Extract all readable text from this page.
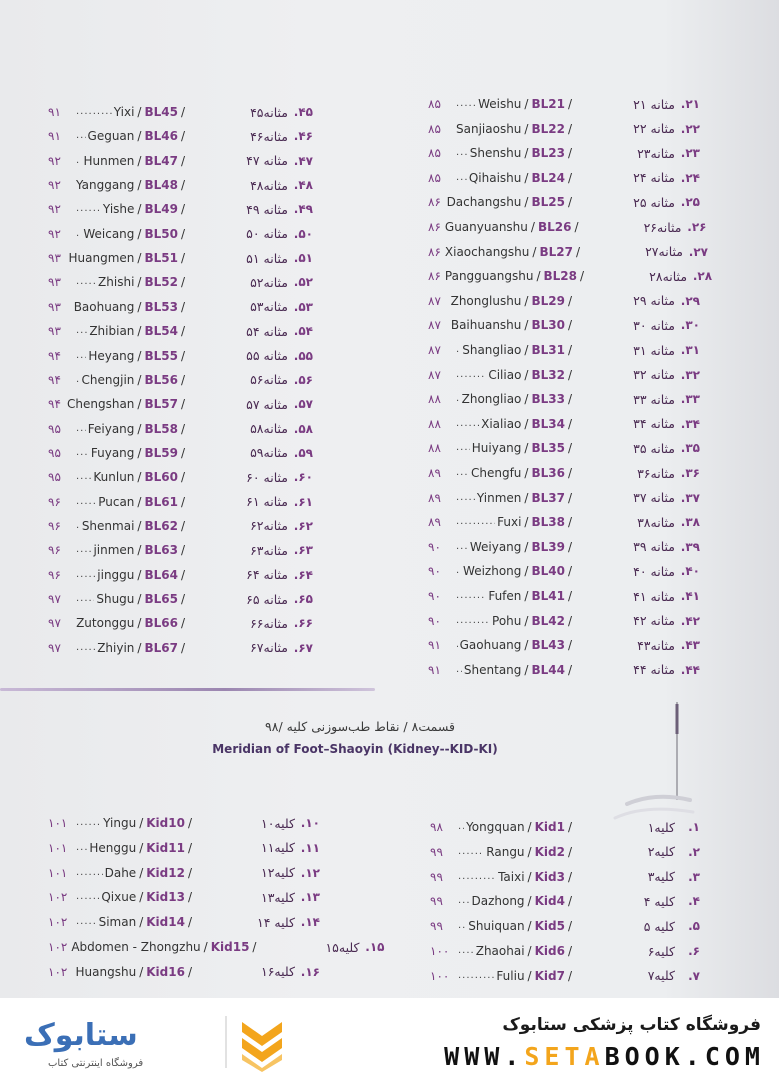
۸۵ .....	Weishu / BL21 /	مثانه ۲۱ ۲۱.
۸۵	Sanjiaoshu / BL22 /	مثانه ۲۲ ۲۲.
۸۵ .....	Shenshu / BL23 /	مثانه۲۳ ۲۳.
۸۵ .....	Qihaishu / BL24 /	مثانه ۲۴ ۲۴.
۸۶ Dachangshu / BL25 /	مثانه ۲۵ ۲۵.
۸۶ Guanyuanshu / BL26 /	مثانه۲۶ ۲۶.
۸۶ Xiaochangshu / BL27 /	مثانه۲۷ ۲۷.
۸۶ Pangguangshu / BL28 /	مثانه۲۸ ۲۸.
۸۷ Zhonglushu / BL29 /	مثانه ۲۹ ۲۹.
۸۷ Baihuanshu / BL30 /	مثانه ۳۰ ۳۰.
۸۷ .....	Shangliao / BL31 /	مثانه ۳۱ ۳۱.
۸۷ .....	Ciliao / BL32 /	مثانه ۳۲ ۳۲.
۸۸ .....	Zhongliao / BL33 /	مثانه ۳۳ ۳۳.
۸۸ .....	Xialiao / BL34 /	مثانه ۳۴ ۳۴.
۸۸ .....	Huiyang / BL35 /	مثانه ۳۵ ۳۵.
۸۹ .....	Chengfu / BL36 /	مثانه۳۶ ۳۶.
۸۹ .....	Yinmen / BL37 /	مثانه ۳۷ ۳۷.
۸۹ .....	Fuxi / BL38 /	مثانه۳۸ ۳۸.
۹۰ .....	Weiyang / BL39 /	مثانه ۳۹ ۳۹.
۹۰ .....	Weizhong / BL40 /	مثانه ۴۰ ۴۰.
۹۰ .....	Fufen / BL41 /	مثانه ۴۱ ۴۱.
۹۰ .....	Pohu / BL42 /	مثانه ۴۲ ۴۲.
۹۱ .....	Gaohuang / BL43 /	مثانه۴۳ ۴۳.
۹۱ .....	Shentang / BL44 /	مثانه ۴۴ ۴۴.
۹۱ .....	Yixi / BL45 /	مثانه۴۵ ۴۵.
۹۱ .....	Geguan / BL46 /	مثانه۴۶ ۴۶.
۹۲ .....	Hunmen / BL47 /	مثانه ۴۷ ۴۷.
۹۲	Yanggang / BL48 /	مثانه۴۸ ۴۸.
۹۲ .....	Yishe / BL49 /	مثانه ۴۹ ۴۹.
۹۲ .....	Weicang / BL50 /	مثانه ۵۰ ۵۰.
۹۳ Huangmen / BL51 /	مثانه ۵۱ ۵۱.
۹۳ .....	Zhishi / BL52 /	مثانه۵۲ ۵۲.
۹۳	Baohuang / BL53 /	مثانه۵۳ ۵۳.
۹۳ .....	Zhibian / BL54 /	مثانه ۵۴ ۵۴.
۹۴ .....	Heyang / BL55 /	مثانه ۵۵ ۵۵.
۹۴ .....	Chengjin / BL56 /	مثانه۵۶ ۵۶.
۹۴ Chengshan / BL57 /	مثانه ۵۷ ۵۷.
۹۵ .....	Feiyang / BL58 /	مثانه۵۸ ۵۸.
۹۵ .....	Fuyang / BL59 /	مثانه۵۹ ۵۹.
۹۵ .....	Kunlun / BL60 /	مثانه ۶۰ ۶۰.
۹۶ .....	Pucan / BL61 /	مثانه ۶۱ ۶۱.
۹۶ .....	Shenmai / BL62 /	مثانه۶۲ ۶۲.
۹۶ .....	jinmen / BL63 /	مثانه۶۳ ۶۳.
۹۶ .....	jinggu / BL64 /	مثانه ۶۴ ۶۴.
۹۷ .....	Shugu / BL65 /	مثانه ۶۵ ۶۵.
۹۷	Zutonggu / BL66 /	مثانه۶۶ ۶۶.
۹۷ .....	Zhiyin / BL67 /	مثانه۶۷ ۶۷.
قسمت۸ / نقاط طب‌سوزنی کلیه /۹۸
Meridian of Foot–Shaoyin (Kidney--KID-KI)
۹۸ .....	Yongquan / Kid1 /	کلیه۱	۱.
۹۹ .....	Rangu / Kid2 /	کلیه۲	۲.
۹۹ .....	Taixi / Kid3 /	کلیه۳	۳.
۹۹ .....	Dazhong / Kid4 /	کلیه ۴	۴.
۹۹ .....	Shuiquan / Kid5 /	کلیه ۵	۵.
۱۰۰ .....	Zhaohai / Kid6 /	کلیه۶	۶.
۱۰۰ .....	Fuliu / Kid7 /	کلیه۷	۷.
۱۰۱ .....	Yingu / Kid10 /	کلیه۱۰ ۱۰.
۱۰۱ .....	Henggu / Kid11 /	کلیه۱۱ ۱۱.
۱۰۱ .....	Dahe / Kid12 /	کلیه۱۲ ۱۲.
۱۰۲ .....	Qixue / Kid13 /	کلیه۱۳ ۱۳.
۱۰۲ .....	Siman / Kid14 /	کلیه ۱۴ ۱۴.
۱۰۲ Abdomen - Zhongzhu / Kid15 /	کلیه۱۵ ۱۵.
۱۰۲ Huangshu / Kid16 /	کلیه۱۶ ۱۶.
ستابوک
فروشگاه اینترنتی کتاب
فروشگاه کتاب پزشکی ستابوک
WWW.SETABOOK.COM
